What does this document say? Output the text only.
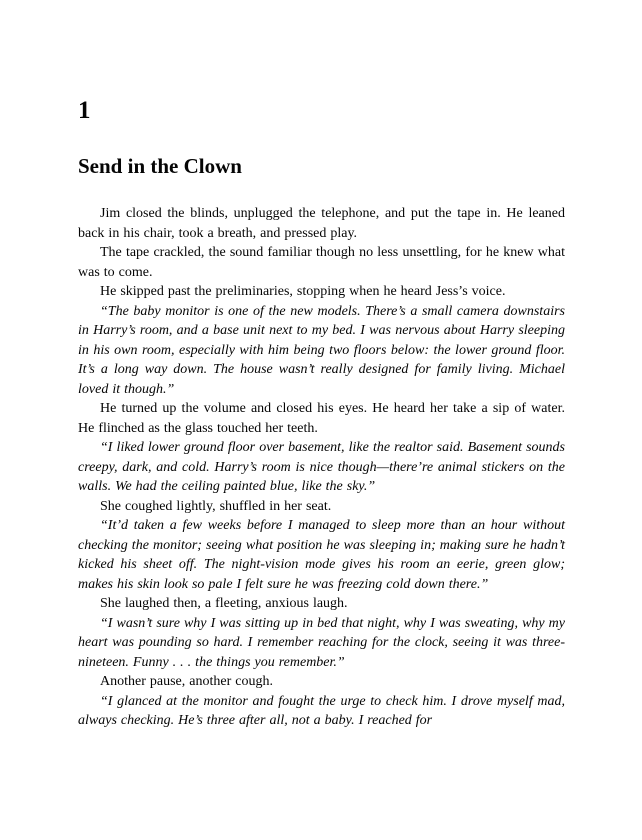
1
Send in the Clown

Jim closed the blinds, unplugged the telephone, and put the tape in. He leaned back in his chair, took a breath, and pressed play.

The tape crackled, the sound familiar though no less unsettling, for he knew what was to come.

He skipped past the preliminaries, stopping when he heard Jess’s voice.

“The baby monitor is one of the new models. There’s a small camera downstairs in Harry’s room, and a base unit next to my bed. I was nervous about Harry sleeping in his own room, especially with him being two floors below: the lower ground floor. It’s a long way down. The house wasn’t really designed for family living. Michael loved it though.”

He turned up the volume and closed his eyes. He heard her take a sip of water. He flinched as the glass touched her teeth.

“I liked lower ground floor over basement, like the realtor said. Basement sounds creepy, dark, and cold. Harry’s room is nice though—there’re animal stickers on the walls. We had the ceiling painted blue, like the sky.”

She coughed lightly, shuffled in her seat.

“It’d taken a few weeks before I managed to sleep more than an hour without checking the monitor; seeing what position he was sleeping in; making sure he hadn’t kicked his sheet off. The night-vision mode gives his room an eerie, green glow; makes his skin look so pale I felt sure he was freezing cold down there.”

She laughed then, a fleeting, anxious laugh.

“I wasn’t sure why I was sitting up in bed that night, why I was sweating, why my heart was pounding so hard. I remember reaching for the clock, seeing it was three-nineteen. Funny . . . the things you remember.”

Another pause, another cough.

“I glanced at the monitor and fought the urge to check him. I drove myself mad, always checking. He’s three after all, not a baby. I reached for
